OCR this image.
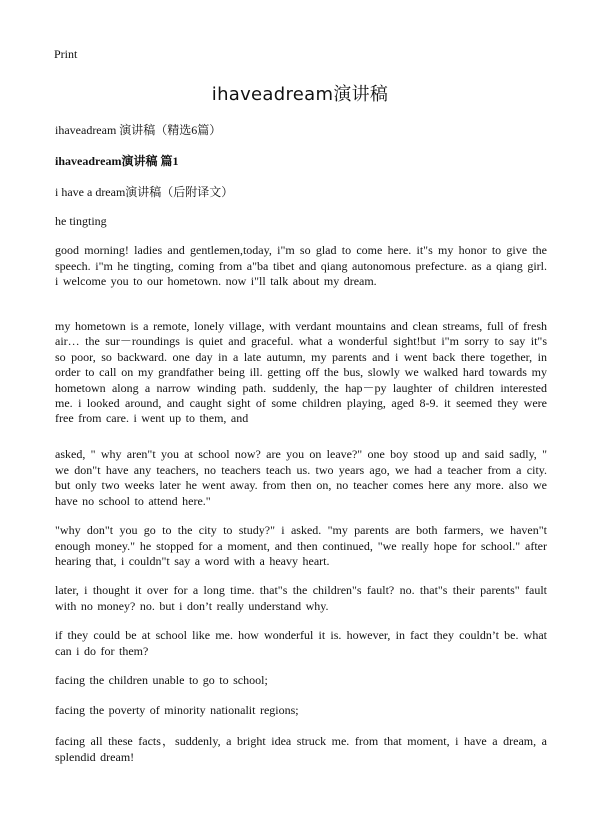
Print
ihaveadream演讲稿
ihaveadream 演讲稿（精选6篇）
ihaveadream演讲稿 篇1
i have a dream演讲稿（后附译文）
he tingting
good morning! ladies and gentlemen,today, i"m so glad to come here. it"s my honor to give the speech. i"m he tingting, coming from a"ba tibet and qiang autonomous prefecture. as a qiang girl. i welcome you to our hometown. now i"ll talk about my dream.
my hometown is a remote, lonely village, with verdant mountains and clean streams, full of fresh air… the sur－roundings is quiet and graceful. what a wonderful sight!but i"m sorry to say it"s so poor, so backward. one day in a late autumn, my parents and i went back there together, in order to call on my grandfather being ill. getting off the bus, slowly we walked hard towards my hometown along a narrow winding path. suddenly, the hap－py laughter of children interested me. i looked around, and caught sight of some children playing, aged 8-9. it seemed they were free from care. i went up to them, and
asked, " why aren"t you at school now? are you on leave?" one boy stood up and said sadly, " we don"t have any teachers, no teachers teach us. two years ago, we had a teacher from a city. but only two weeks later he went away. from then on, no teacher comes here any more. also we have no school to attend here."
"why don"t you go to the city to study?" i asked. "my parents are both farmers, we haven"t enough money." he stopped for a moment, and then continued, "we really hope for school." after hearing that, i couldn"t say a word with a heavy heart.
later, i thought it over for a long time. that"s the children"s fault? no. that"s their parents" fault with no money? no. but i don’t really understand why.
if they could be at school like me. how wonderful it is. however, in fact they couldn’t be. what can i do for them?
facing the children unable to go to school;
facing the poverty of minority nationalit regions;
facing all these facts，suddenly, a bright idea struck me. from that moment, i have a dream, a splendid dream!
